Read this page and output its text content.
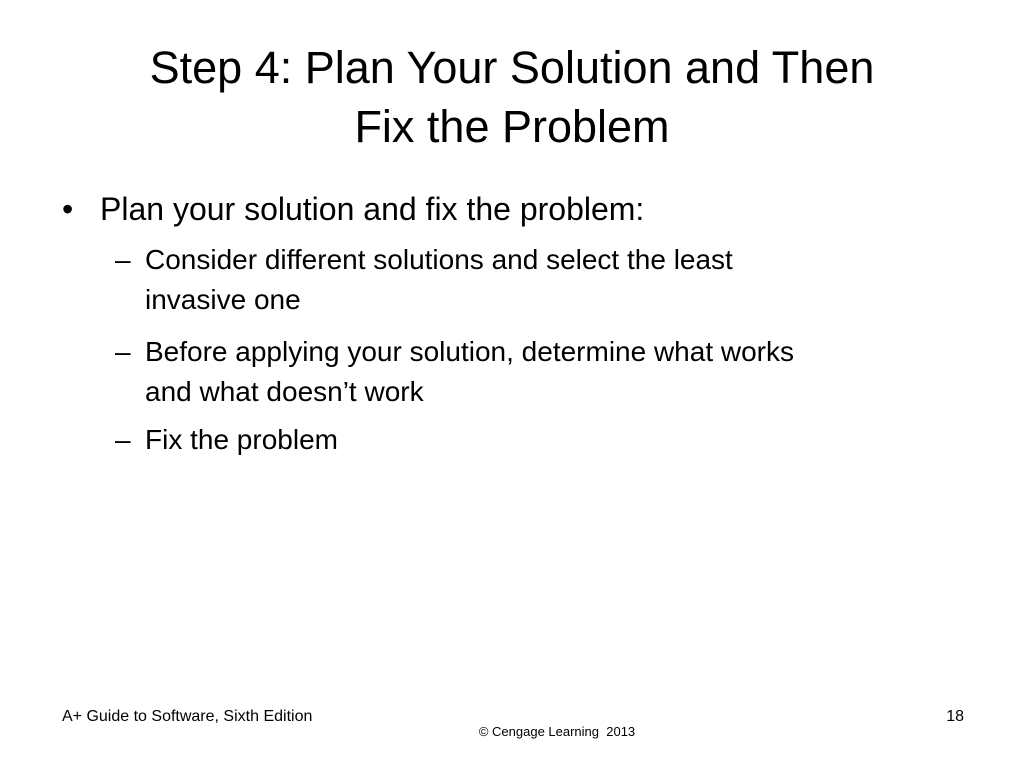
Step 4: Plan Your Solution and Then
Fix the Problem
• Plan your solution and fix the problem:
– Consider different solutions and select the least
invasive one
– Before applying your solution, determine what works
and what doesn’t work
– Fix the problem
A+ Guide to Software, Sixth Edition
© Cengage Learning  2013
18
